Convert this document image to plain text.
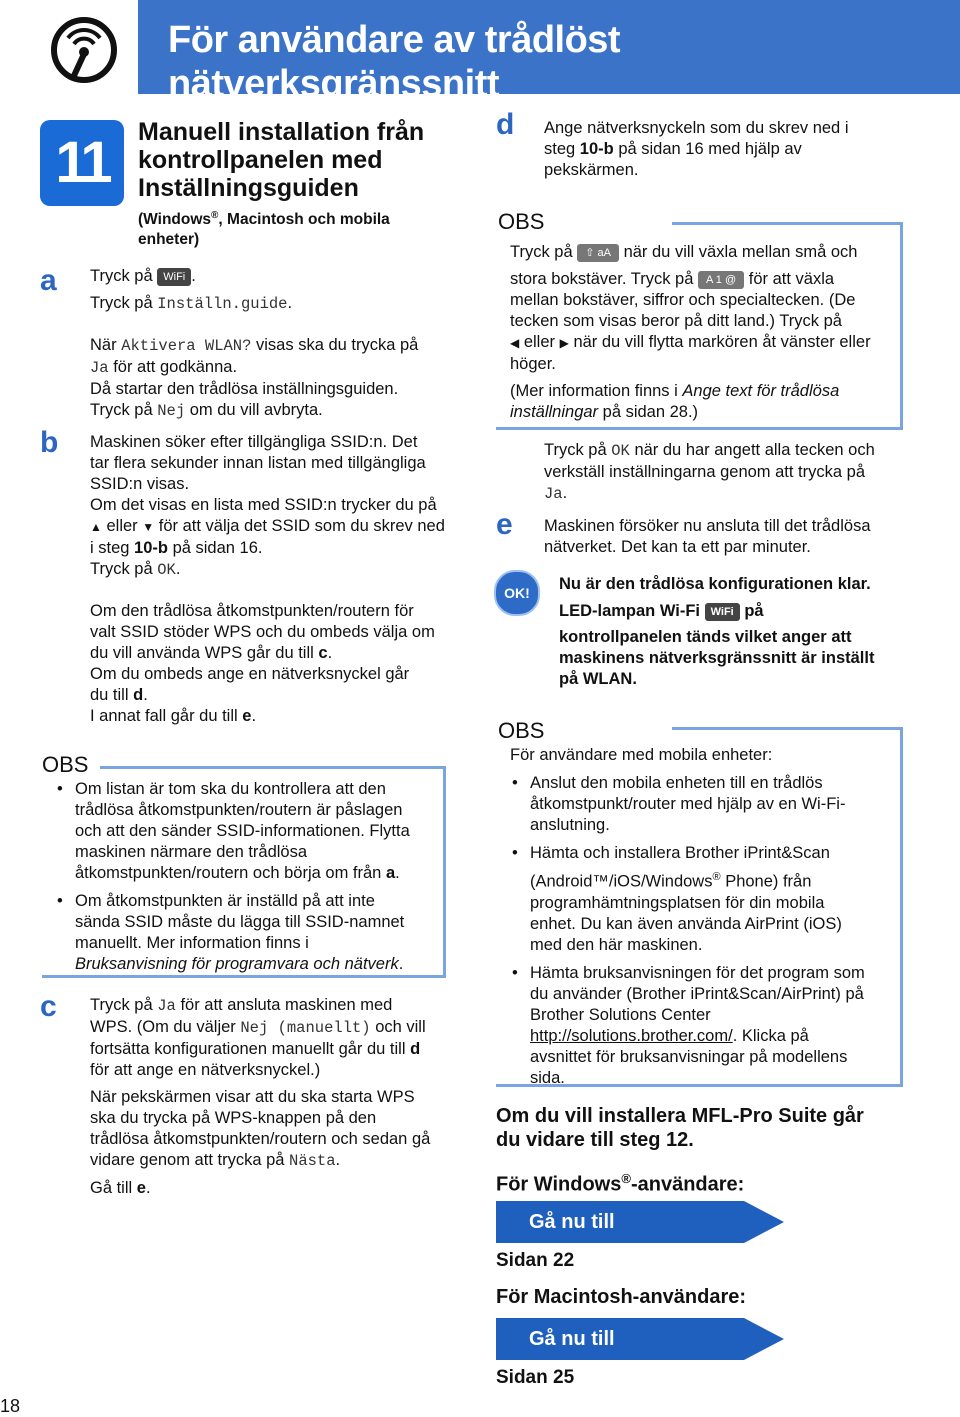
För användare av trådlöst nätverksgränssnitt
11	Manuell installation från
kontrollpanelen med
Inställningsguiden
(Windows®, Macintosh och mobila
enheter)
a Tryck på WiFi .
Tryck på Inställn.guide.
När Aktivera WLAN? visas ska du trycka på
Ja för att godkänna.
Då startar den trådlösa inställningsguiden.
Tryck på Nej om du vill avbryta.
b Maskinen söker efter tillgängliga SSID:n. Det
tar flera sekunder innan listan med tillgängliga
SSID:n visas.
Om det visas en lista med SSID:n trycker du på
▲ eller ▼ för att välja det SSID som du skrev ned
i steg 10-b på sidan 16.
Tryck på OK.
Om den trådlösa åtkomstpunkten/routern för
valt SSID stöder WPS och du ombeds välja om
du vill använda WPS går du till c.
Om du ombeds ange en nätverksnyckel går
du till d.
I annat fall går du till e.
OBS
• Om listan är tom ska du kontrollera att den
trådlösa åtkomstpunkten/routern är påslagen
och att den sänder SSID-informationen. Flytta
maskinen närmare den trådlösa
åtkomstpunkten/routern och börja om från a.
• Om åtkomstpunkten är inställd på att inte
sända SSID måste du lägga till SSID-namnet
manuellt. Mer information finns i
Bruksanvisning för programvara och nätverk.
c Tryck på Ja för att ansluta maskinen med
WPS. (Om du väljer Nej (manuellt) och vill
fortsätta konfigurationen manuellt går du till d
för att ange en nätverksnyckel.)
När pekskärmen visar att du ska starta WPS
ska du trycka på WPS-knappen på den
trådlösa åtkomstpunkten/routern och sedan gå
vidare genom att trycka på Nästa.
Gå till e.
d Ange nätverksnyckeln som du skrev ned i
steg 10-b på sidan 16 med hjälp av
pekskärmen.
OBS
Tryck på ⇧ aA när du vill växla mellan små och
stora bokstäver. Tryck på A 1 @ för att växla
mellan bokstäver, siffror och specialtecken. (De
tecken som visas beror på ditt land.) Tryck på
◀ eller ▶ när du vill flytta markören åt vänster eller
höger.
(Mer information finns i Ange text för trådlösa
inställningar på sidan 28.)
Tryck på OK när du har angett alla tecken och
verkställ inställningarna genom att trycka på
Ja.
e Maskinen försöker nu ansluta till det trådlösa
nätverket. Det kan ta ett par minuter.
OK!	Nu är den trådlösa konfigurationen klar.
LED-lampan Wi-Fi WiFi på
kontrollpanelen tänds vilket anger att
maskinens nätverksgränssnitt är inställt
på WLAN.
OBS
För användare med mobila enheter:
• Anslut den mobila enheten till en trådlös
åtkomstpunkt/router med hjälp av en Wi-Fi-
anslutning.
• Hämta och installera Brother iPrint&Scan
(Android™/iOS/Windows® Phone) från
programhämtningsplatsen för din mobila
enhet. Du kan även använda AirPrint (iOS)
med den här maskinen.
• Hämta bruksanvisningen för det program som
du använder (Brother iPrint&Scan/AirPrint) på
Brother Solutions Center
http://solutions.brother.com/. Klicka på
avsnittet för bruksanvisningar på modellens
sida.
Om du vill installera MFL-Pro Suite går
du vidare till steg 12.
För Windows®-användare:
Gå nu till
Sidan 22
För Macintosh-användare:
Gå nu till
Sidan 25
18
